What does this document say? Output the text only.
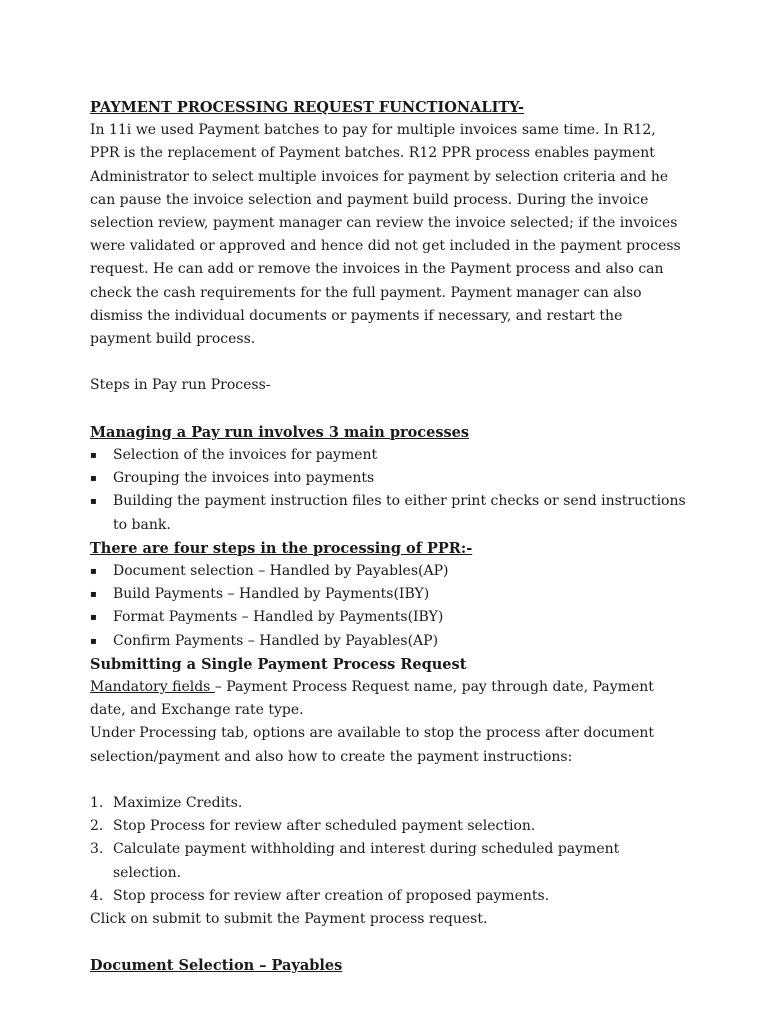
PAYMENT PROCESSING REQUEST FUNCTIONALITY-

In 11i we used Payment batches to pay for multiple invoices same time. In R12, PPR is the replacement of Payment batches. R12 PPR process enables payment Administrator to select multiple invoices for payment by selection criteria and he can pause the invoice selection and payment build process. During the invoice selection review, payment manager can review the invoice selected; if the invoices were validated or approved and hence did not get included in the payment process request. He can add or remove the invoices in the Payment process and also can check the cash requirements for the full payment. Payment manager can also dismiss the individual documents or payments if necessary, and restart the payment build process.

Steps in Pay run Process-

Managing a Pay run involves 3 main processes

▪ Selection of the invoices for payment
▪ Grouping the invoices into payments
▪ Building the payment instruction files to either print checks or send instructions to bank.

There are four steps in the processing of PPR:-

▪ Document selection – Handled by Payables(AP)
▪ Build Payments – Handled by Payments(IBY)
▪ Format Payments – Handled by Payments(IBY)
▪ Confirm Payments – Handled by Payables(AP)

Submitting a Single Payment Process Request

Mandatory fields – Payment Process Request name, pay through date, Payment date, and Exchange rate type.

Under Processing tab, options are available to stop the process after document selection/payment and also how to create the payment instructions:

1. Maximize Credits.
2. Stop Process for review after scheduled payment selection.
3. Calculate payment withholding and interest during scheduled payment selection.
4. Stop process for review after creation of proposed payments.

Click on submit to submit the Payment process request.

Document Selection – Payables
